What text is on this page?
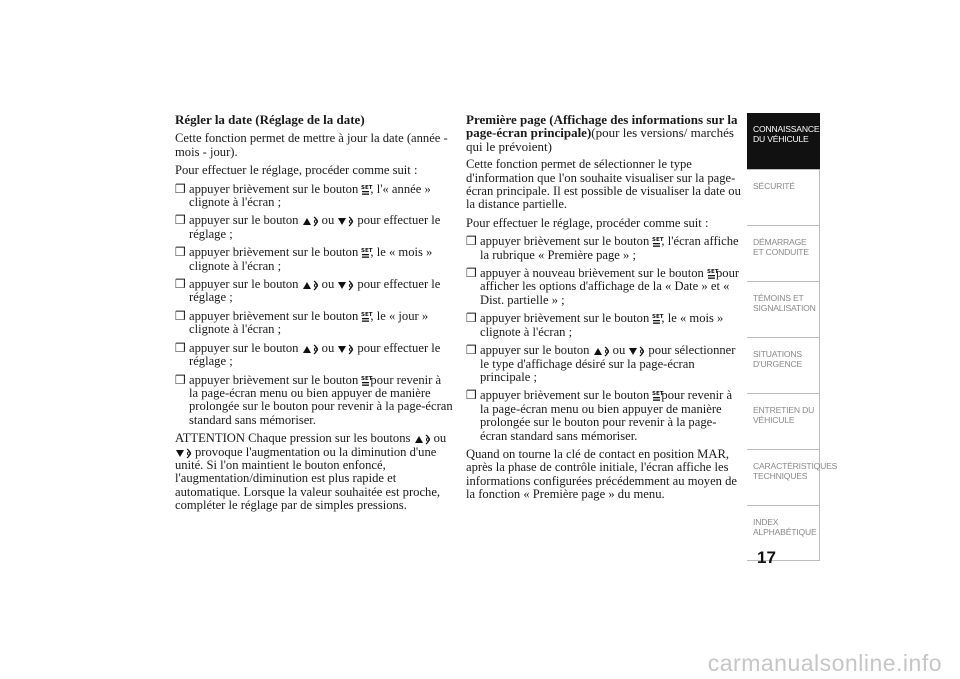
Régler la date (Réglage de la date)
Cette fonction permet de mettre à jour la date (année - mois - jour).
Pour effectuer le réglage, procéder comme suit :
❒ appuyer brièvement sur le bouton SET
, l'« année » clignote à l'écran ;
❒ appuyer sur le bouton ou pour effectuer le réglage ;
❒ appuyer brièvement sur le bouton SET
, le « mois » clignote à l'écran ;
❒ appuyer sur le bouton ou pour effectuer le réglage ;
❒ appuyer brièvement sur le bouton SET
, le « jour » clignote à l'écran ;
❒ appuyer sur le bouton ou pour effectuer le réglage ;
❒ appuyer brièvement sur le bouton SET
pour revenir à la page-écran menu ou bien appuyer de manière prolongée sur le bouton pour revenir à la page-écran standard sans mémoriser.
ATTENTION Chaque pression sur les boutons ou
provoque l'augmentation ou la diminution d'une unité. Si l'on maintient le bouton enfoncé, l'augmentation/diminution est plus rapide et automatique. Lorsque la valeur souhaitée est proche, compléter le réglage par de simples pressions.
Première page (Affichage des informations sur la page-écran principale)(pour les versions/ marchés qui le prévoient)
Cette fonction permet de sélectionner le type d'information que l'on souhaite visualiser sur la page-écran principale. Il est possible de visualiser la date ou la distance partielle.
Pour effectuer le réglage, procéder comme suit :
❒ appuyer brièvement sur le bouton SET
, l'écran affiche la rubrique « Première page » ;
❒ appuyer à nouveau brièvement sur le bouton SET
pour afficher les options d'affichage de la « Date » et « Dist. partielle » ;
❒ appuyer brièvement sur le bouton SET
, le « mois » clignote à l'écran ;
❒ appuyer sur le bouton ou pour sélectionner le type d'affichage désiré sur la page-écran principale ;
❒ appuyer brièvement sur le bouton SET
pour revenir à la page-écran menu ou bien appuyer de manière prolongée sur le bouton pour revenir à la page-écran standard sans mémoriser.
Quand on tourne la clé de contact en position MAR, après la phase de contrôle initiale, l'écran affiche les informations configurées précédemment au moyen de la fonction « Première page » du menu.
CONNAISSANCE DU VÉHICULE
SÉCURITÉ
DÉMARRAGE ET CONDUITE
TÉMOINS ET SIGNALISATION
SITUATIONS D'URGENCE
ENTRETIEN DU VÉHICULE
CARACTÉRISTIQUES TECHNIQUES
INDEX ALPHABÉTIQUE
17
carmanualsonline.info
